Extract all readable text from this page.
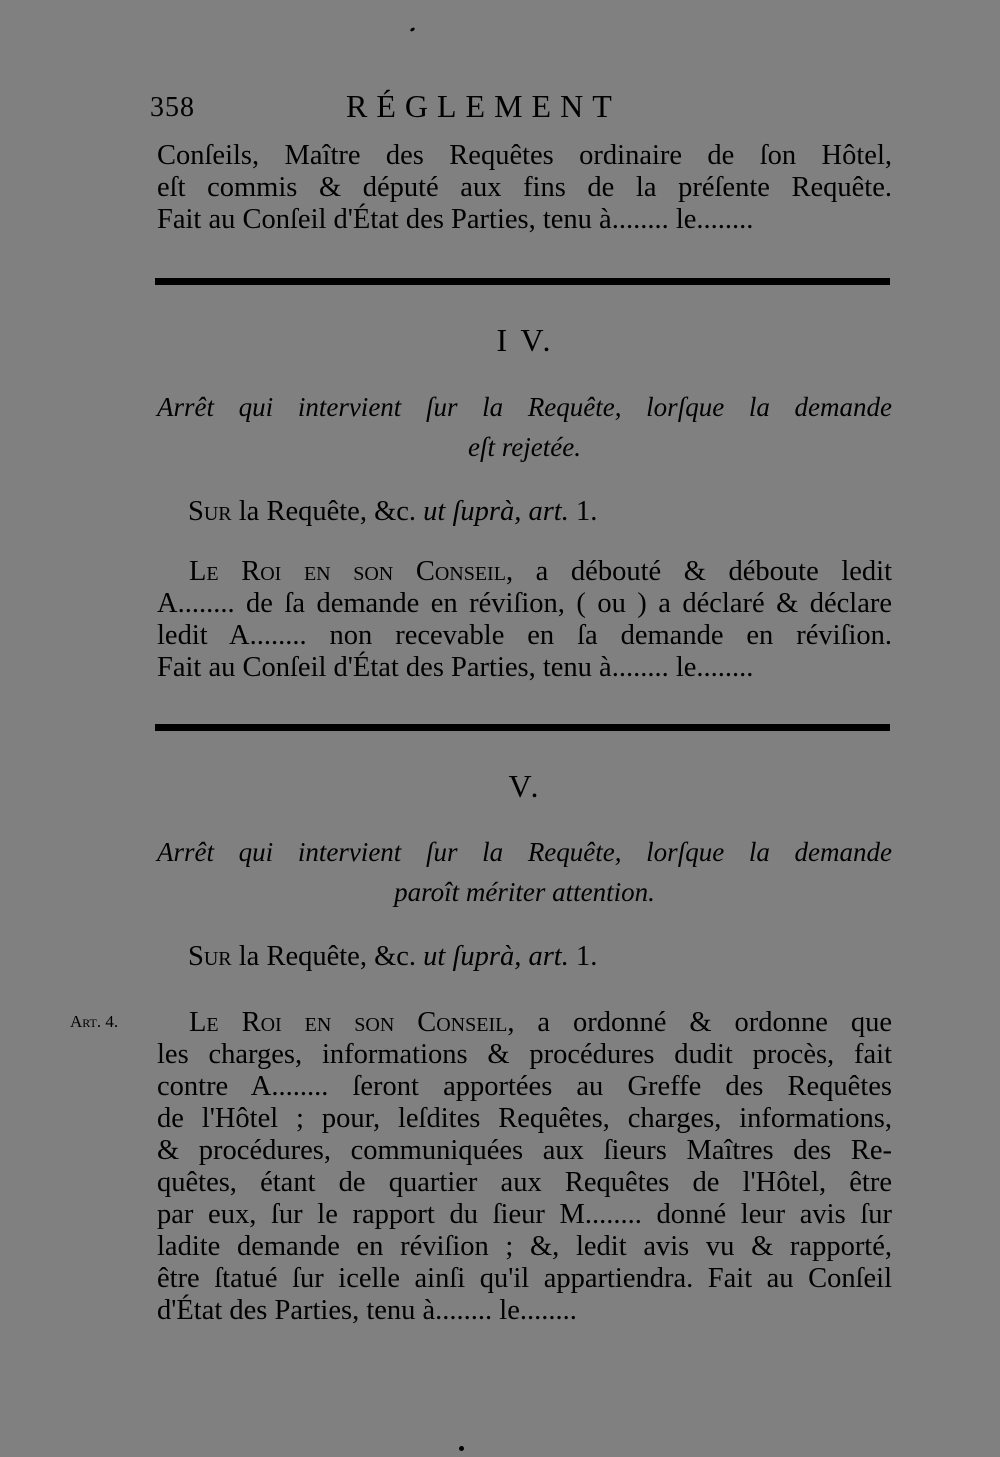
358	RÉGLEMENT
Conſeils, Maître des Requêtes ordinaire de ſon Hôtel,
eſt commis & député aux fins de la préſente Requête.
Fait au Conſeil d'État des Parties, tenu à........ le........
I V.
Arrêt qui intervient ſur la Requête, lorſque la demande
eſt rejetée.
Sur la Requête, &c. ut ſuprà, art. 1.
Le Roi en son Conseil, a débouté & déboute ledit
A........ de ſa demande en réviſion, ( ou ) a déclaré & déclare
ledit A........ non recevable en ſa demande en réviſion.
Fait au Conſeil d'État des Parties, tenu à........ le........
V.
Arrêt qui intervient ſur la Requête, lorſque la demande
paroît mériter attention.
Sur la Requête, &c. ut ſuprà, art. 1.
Art. 4.	Le Roi en son Conseil, a ordonné & ordonne que
les charges, informations & procédures dudit procès, fait
contre A........ ſeront apportées au Greffe des Requêtes
de l'Hôtel ; pour, leſdites Requêtes, charges, informations,
& procédures, communiquées aux ſieurs Maîtres des Re-
quêtes, étant de quartier aux Requêtes de l'Hôtel, être
par eux, ſur le rapport du ſieur M........ donné leur avis ſur
ladite demande en réviſion ; &, ledit avis vu & rapporté,
être ſtatué ſur icelle ainſi qu'il appartiendra. Fait au Conſeil
d'État des Parties, tenu à........ le........
